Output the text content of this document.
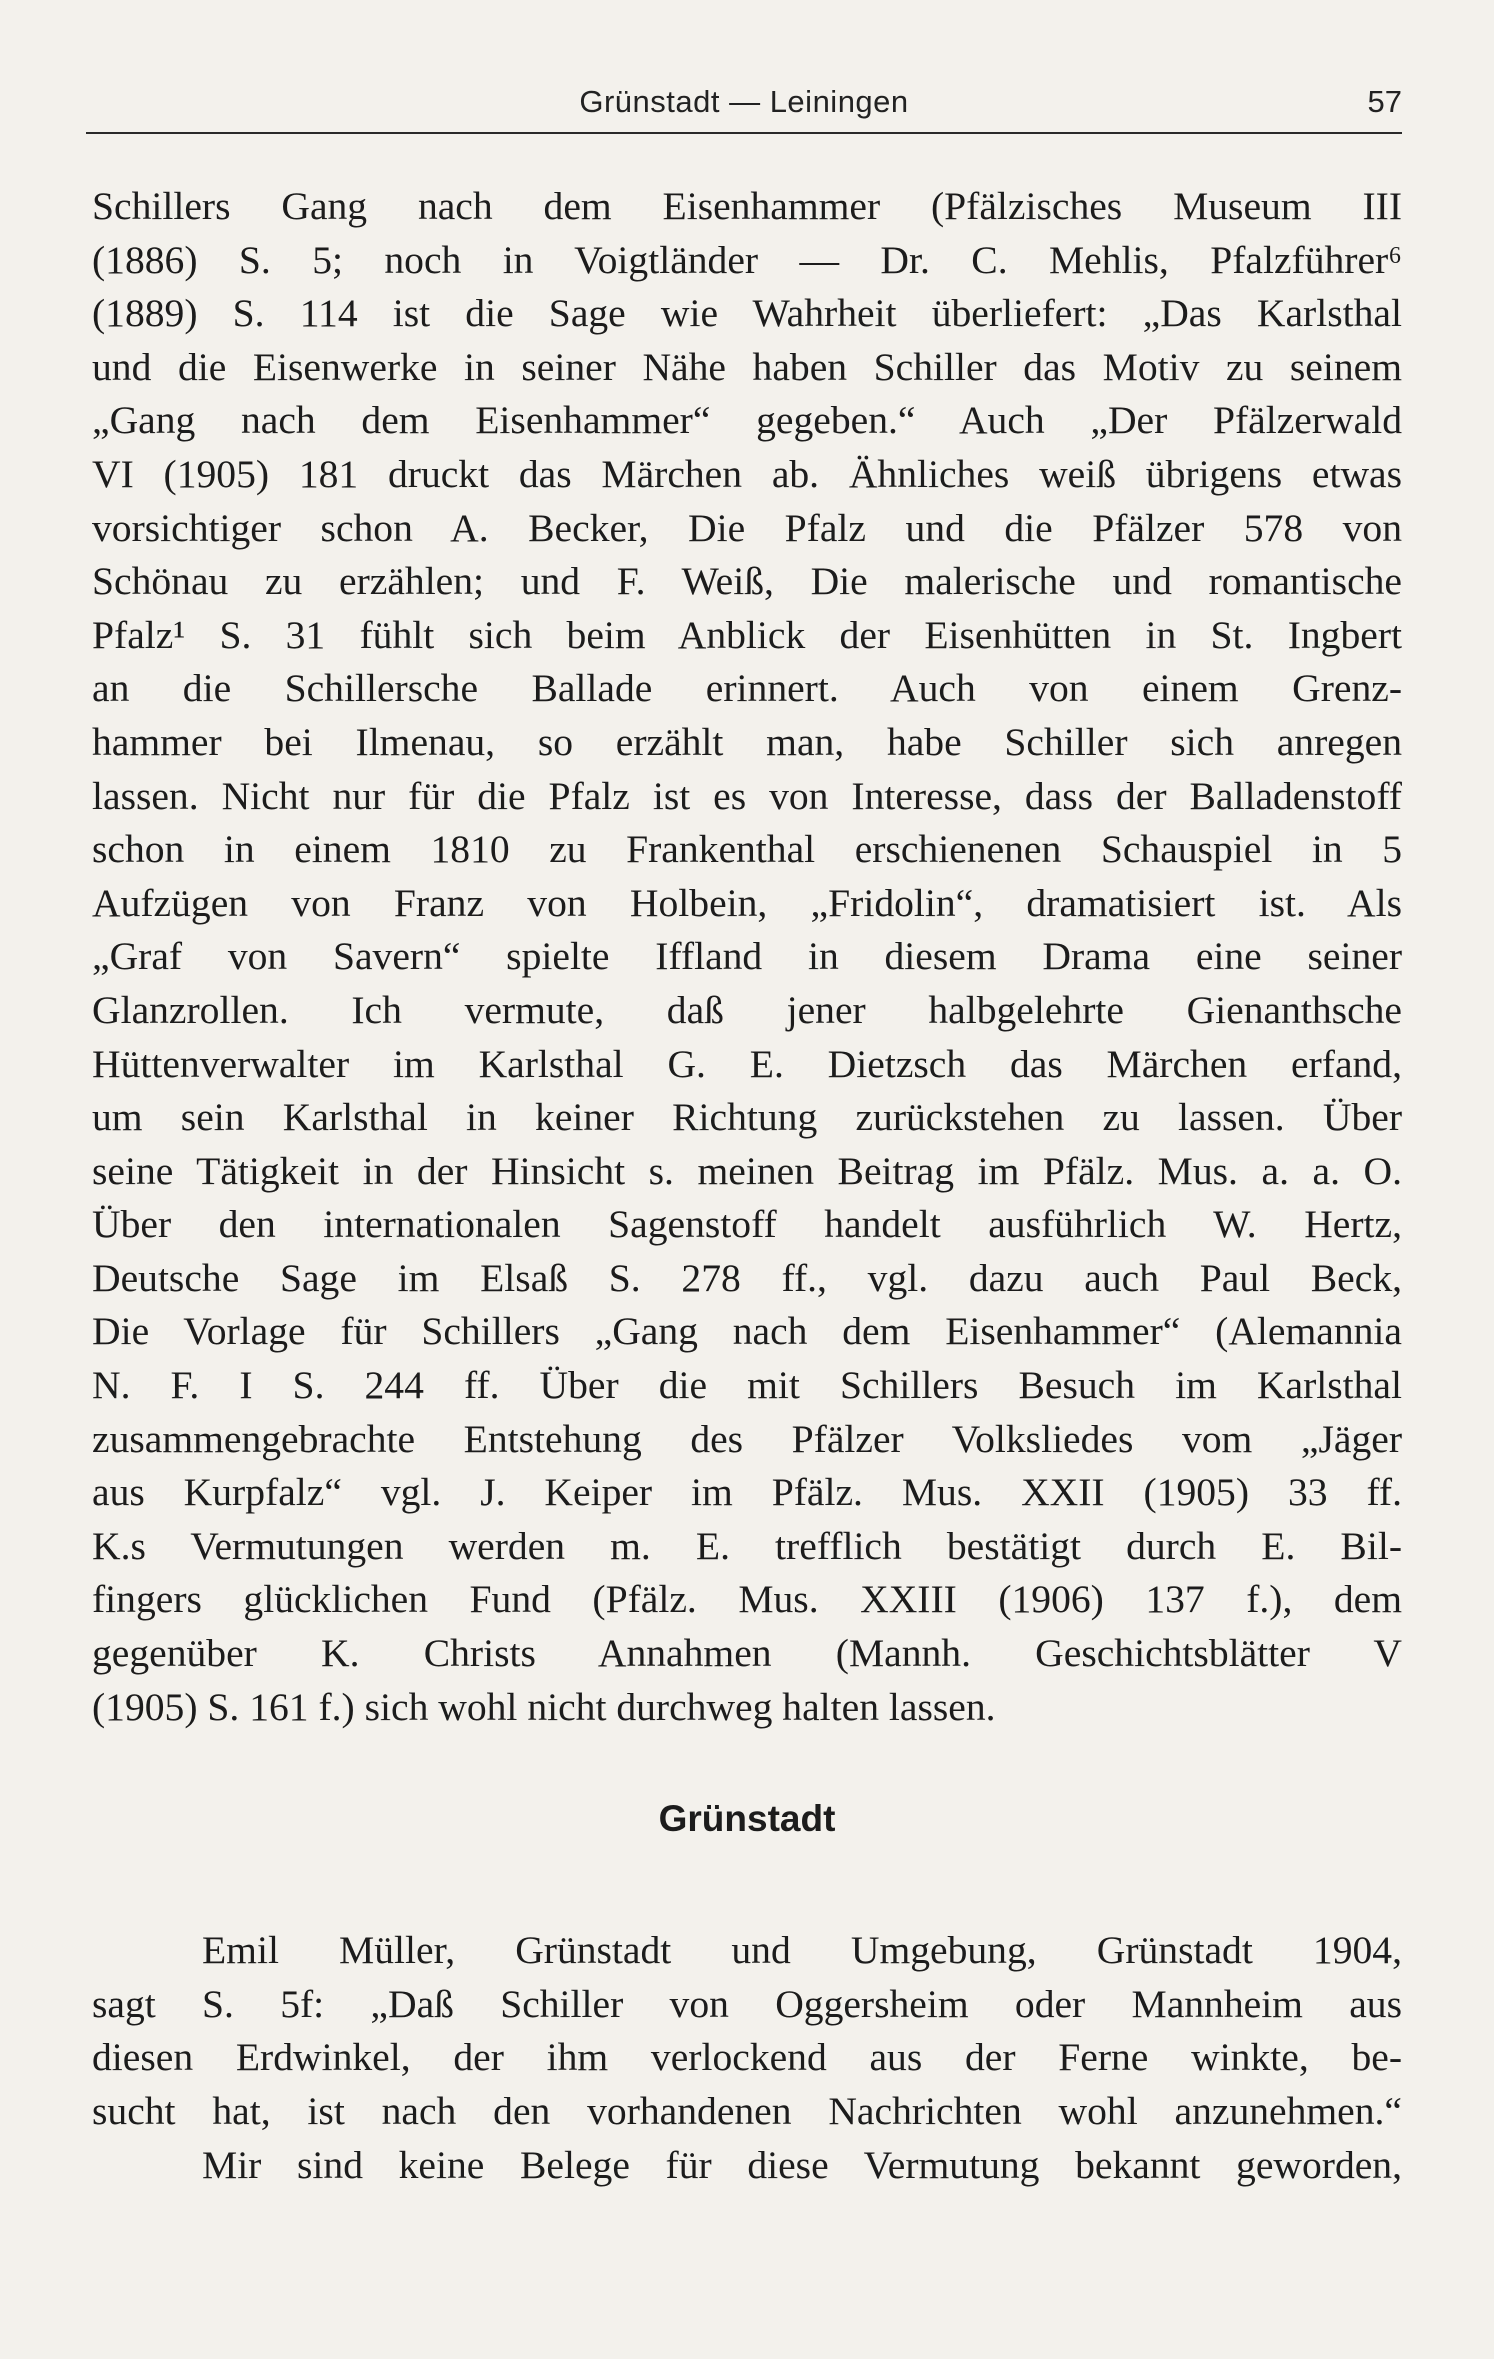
Grünstadt — Leiningen	57
Schillers Gang nach dem Eisenhammer (Pfälzisches Museum III
(1886) S. 5; noch in Voigtländer — Dr. C. Mehlis, Pfalzführer⁶
(1889) S. 114 ist die Sage wie Wahrheit überliefert: „Das Karlsthal
und die Eisenwerke in seiner Nähe haben Schiller das Motiv zu seinem
„Gang nach dem Eisenhammer“ gegeben.“ Auch „Der Pfälzerwald
VI (1905) 181 druckt das Märchen ab. Ähnliches weiß übrigens etwas
vorsichtiger schon A. Becker, Die Pfalz und die Pfälzer 578 von
Schönau zu erzählen; und F. Weiß, Die malerische und romantische
Pfalz¹ S. 31 fühlt sich beim Anblick der Eisenhütten in St. Ingbert
an die Schillersche Ballade erinnert. Auch von einem Grenz-
hammer bei Ilmenau, so erzählt man, habe Schiller sich anregen
lassen. Nicht nur für die Pfalz ist es von Interesse, dass der Balladenstoff
schon in einem 1810 zu Frankenthal erschienenen Schauspiel in 5
Aufzügen von Franz von Holbein, „Fridolin“, dramatisiert ist. Als
„Graf von Savern“ spielte Iffland in diesem Drama eine seiner
Glanzrollen. Ich vermute, daß jener halbgelehrte Gienanthsche
Hüttenverwalter im Karlsthal G. E. Dietzsch das Märchen erfand,
um sein Karlsthal in keiner Richtung zurückstehen zu lassen. Über
seine Tätigkeit in der Hinsicht s. meinen Beitrag im Pfälz. Mus. a. a. O.
Über den internationalen Sagenstoff handelt ausführlich W. Hertz,
Deutsche Sage im Elsaß S. 278 ff., vgl. dazu auch Paul Beck,
Die Vorlage für Schillers „Gang nach dem Eisenhammer“ (Alemannia
N. F. I S. 244 ff. Über die mit Schillers Besuch im Karlsthal
zusammengebrachte Entstehung des Pfälzer Volksliedes vom „Jäger
aus Kurpfalz“ vgl. J. Keiper im Pfälz. Mus. XXII (1905) 33 ff.
K.s Vermutungen werden m. E. trefflich bestätigt durch E. Bil-
fingers glücklichen Fund (Pfälz. Mus. XXIII (1906) 137 f.), dem
gegenüber K. Christs Annahmen (Mannh. Geschichtsblätter V
(1905) S. 161 f.) sich wohl nicht durchweg halten lassen.
Grünstadt
Emil Müller, Grünstadt und Umgebung, Grünstadt 1904,
sagt S. 5f: „Daß Schiller von Oggersheim oder Mannheim aus
diesen Erdwinkel, der ihm verlockend aus der Ferne winkte, be-
sucht hat, ist nach den vorhandenen Nachrichten wohl anzunehmen.“
Mir sind keine Belege für diese Vermutung bekannt geworden,
